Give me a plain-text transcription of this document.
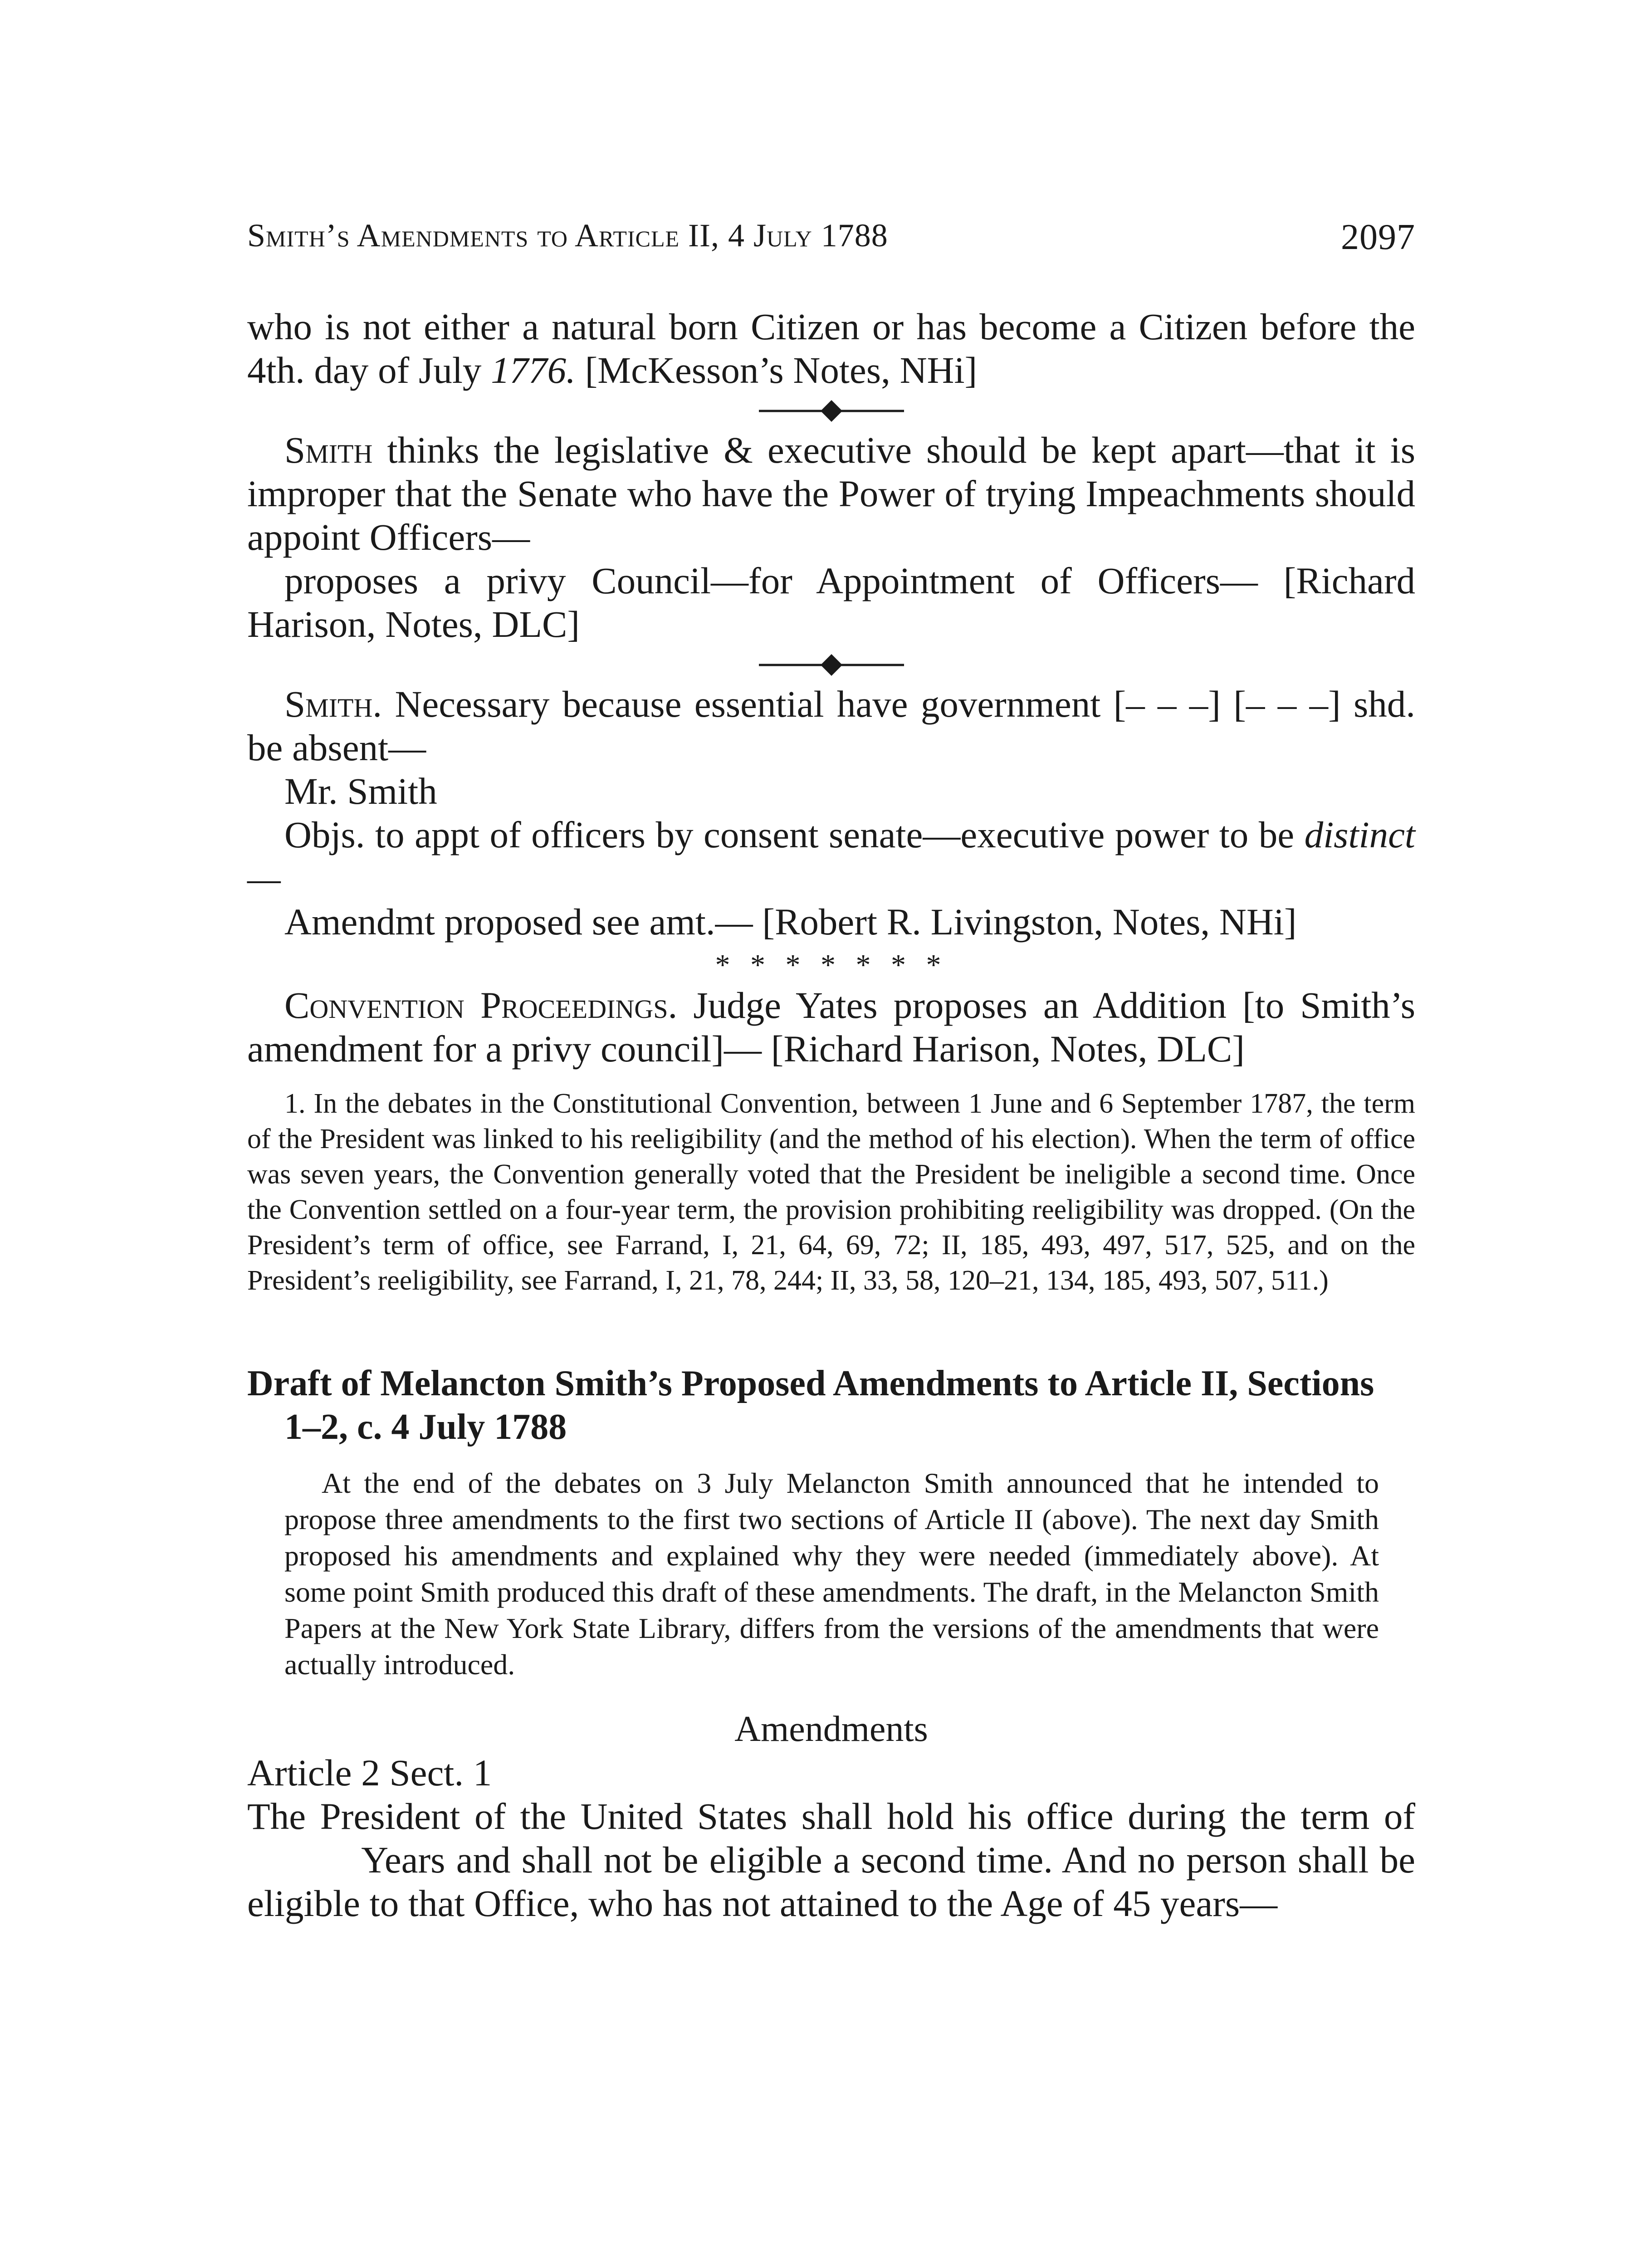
Smith’s Amendments to Article II, 4 July 1788	2097

who is not either a natural born Citizen or has become a Citizen before the 4th. day of July 1776. [McKesson’s Notes, NHi]

Smith thinks the legislative & executive should be kept apart—that it is improper that the Senate who have the Power of trying Impeachments should appoint Officers—

proposes a privy Council—for Appointment of Officers— [Richard Harison, Notes, DLC]

Smith. Necessary because essential have government [– – –] [– – –] shd. be absent—

Mr. Smith

Objs. to appt of officers by consent senate—executive power to be distinct—

Amendmt proposed see amt.— [Robert R. Livingston, Notes, NHi]

* * * * * * *

Convention Proceedings. Judge Yates proposes an Addition [to Smith’s amendment for a privy council]— [Richard Harison, Notes, DLC]

1. In the debates in the Constitutional Convention, between 1 June and 6 September 1787, the term of the President was linked to his reeligibility (and the method of his election). When the term of office was seven years, the Convention generally voted that the President be ineligible a second time. Once the Convention settled on a four-year term, the provision prohibiting reeligibility was dropped. (On the President’s term of office, see Farrand, I, 21, 64, 69, 72; II, 185, 493, 497, 517, 525, and on the President’s reeligibility, see Farrand, I, 21, 78, 244; II, 33, 58, 120–21, 134, 185, 493, 507, 511.)

Draft of Melancton Smith’s Proposed Amendments to Article II, Sections 1–2, c. 4 July 1788

At the end of the debates on 3 July Melancton Smith announced that he intended to propose three amendments to the first two sections of Article II (above). The next day Smith proposed his amendments and explained why they were needed (immediately above). At some point Smith produced this draft of these amendments. The draft, in the Melancton Smith Papers at the New York State Library, differs from the versions of the amendments that were actually introduced.

Amendments

Article 2 Sect. 1

The President of the United States shall hold his office during the term of  Years and shall not be eligible a second time. And no person shall be eligible to that Office, who has not attained to the Age of 45 years—
